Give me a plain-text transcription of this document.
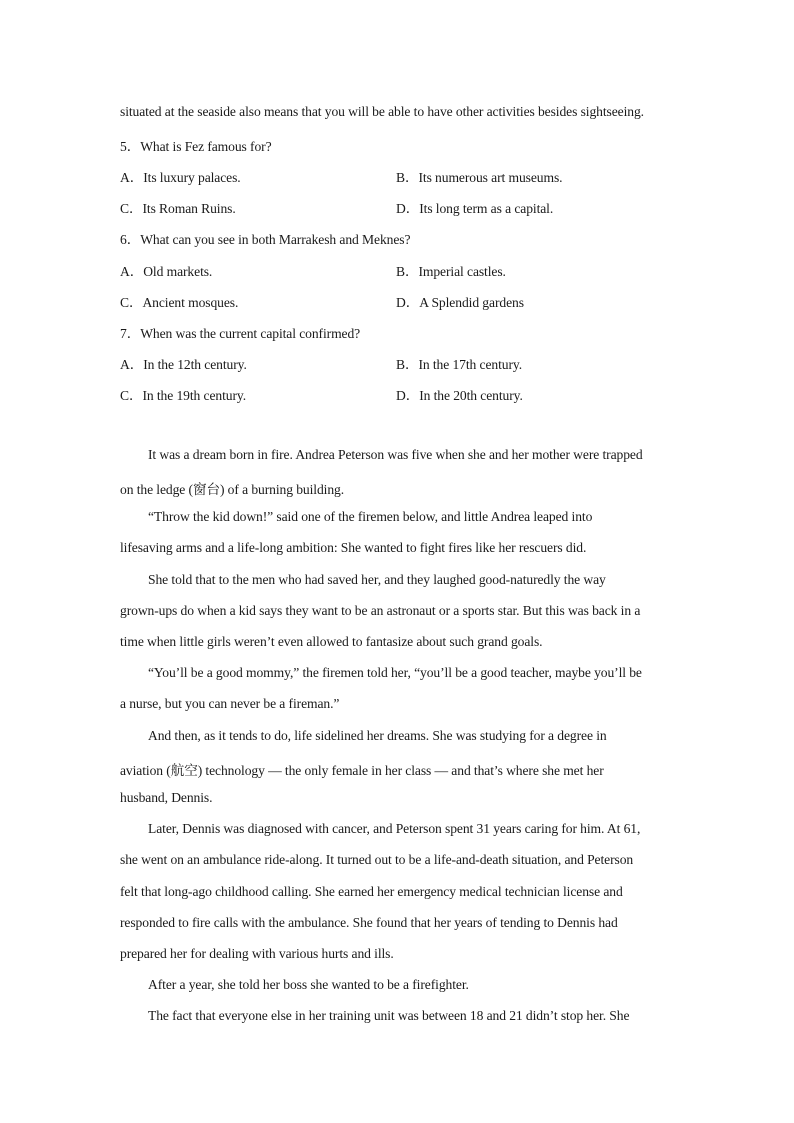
situated at the seaside also means that you will be able to have other activities besides sightseeing.
5．What is Fez famous for?
A．Its luxury palaces.	B．Its numerous art museums.
C．Its Roman Ruins.	D．Its long term as a capital.
6．What can you see in both Marrakesh and Meknes?
A．Old markets.	B．Imperial castles.
C．Ancient mosques.	D．A Splendid gardens
7．When was the current capital confirmed?
A．In the 12th century.	B．In the 17th century.
C．In the 19th century.	D．In the 20th century.
It was a dream born in fire. Andrea Peterson was five when she and her mother were trapped
on the ledge (窗台) of a burning building.
“Throw the kid down!” said one of the firemen below, and little Andrea leaped into
lifesaving arms and a life-long ambition: She wanted to fight fires like her rescuers did.
She told that to the men who had saved her, and they laughed good-naturedly the way
grown-ups do when a kid says they want to be an astronaut or a sports star. But this was back in a
time when little girls weren’t even allowed to fantasize about such grand goals.
“You’ll be a good mommy,” the firemen told her, “you’ll be a good teacher, maybe you’ll be
a nurse, but you can never be a fireman.”
And then, as it tends to do, life sidelined her dreams. She was studying for a degree in
aviation (航空) technology — the only female in her class — and that’s where she met her
husband, Dennis.
Later, Dennis was diagnosed with cancer, and Peterson spent 31 years caring for him. At 61,
she went on an ambulance ride-along. It turned out to be a life-and-death situation, and Peterson
felt that long-ago childhood calling. She earned her emergency medical technician license and
responded to fire calls with the ambulance. She found that her years of tending to Dennis had
prepared her for dealing with various hurts and ills.
After a year, she told her boss she wanted to be a firefighter.
The fact that everyone else in her training unit was between 18 and 21 didn’t stop her. She
